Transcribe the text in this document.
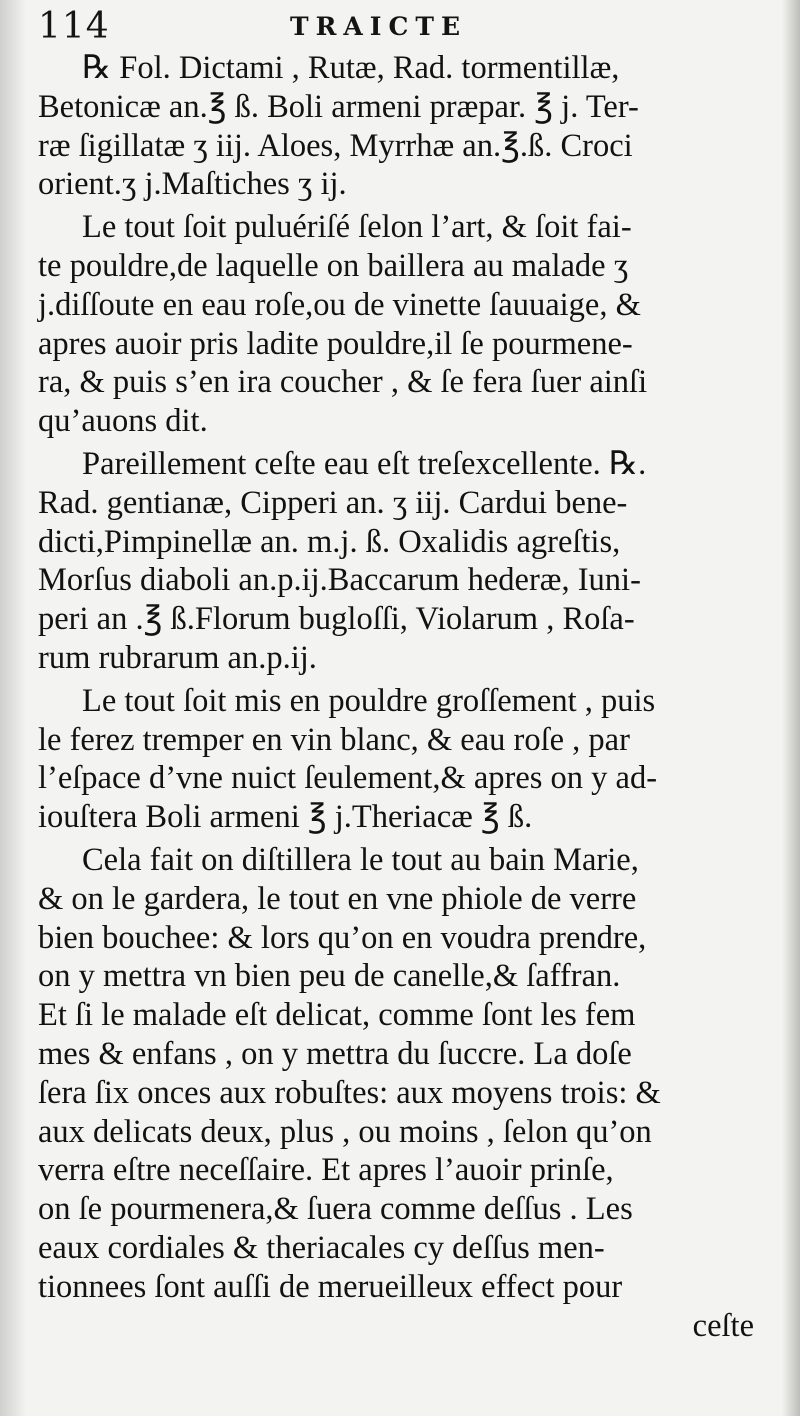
114	TRAICTE
℞ Fol. Dictami , Rutæ, Rad. tormentillæ,
Betonicæ an.℥ ß. Boli armeni præpar. ℥ j. Ter-
ræ ſigillatæ ʒ iij. Aloes, Myrrhæ an.℥.ß. Croci
orient.ʒ j.Maſtiches ʒ ij.
Le tout ſoit puluériſé ſelon l’art, & ſoit fai-
te pouldre,de laquelle on baillera au malade ʒ
j.diſſoute en eau roſe,ou de vinette ſauuaige, &
apres auoir pris ladite pouldre,il ſe pourmene-
ra, & puis s’en ira coucher , & ſe fera ſuer ainſi
qu’auons dit.
Pareillement ceſte eau eſt treſexcellente. ℞.
Rad. gentianæ, Cipperi an. ʒ iij. Cardui bene-
dicti,Pimpinellæ an. m.j. ß. Oxalidis agreſtis,
Morſus diaboli an.p.ij.Baccarum hederæ, Iuni-
peri an .℥ ß.Florum bugloſſi, Violarum , Roſa-
rum rubrarum an.p.ij.
Le tout ſoit mis en pouldre groſſement , puis
le ferez tremper en vin blanc, & eau roſe , par
l’eſpace d’vne nuict ſeulement,& apres on y ad-
iouſtera Boli armeni ℥ j.Theriacæ ℥ ß.
Cela fait on diſtillera le tout au bain Marie,
& on le gardera, le tout en vne phiole de verre
bien bouchee: & lors qu’on en voudra prendre,
on y mettra vn bien peu de canelle,& ſaffran.
Et ſi le malade eſt delicat, comme ſont les fem
mes & enfans , on y mettra du ſuccre. La doſe
ſera ſix onces aux robuſtes: aux moyens trois: &
aux delicats deux, plus , ou moins , ſelon qu’on
verra eſtre neceſſaire. Et apres l’auoir prinſe,
on ſe pourmenera,& ſuera comme deſſus . Les
eaux cordiales & theriacales cy deſſus men-
tionnees ſont auſſi de merueilleux effect pour
ceſte
